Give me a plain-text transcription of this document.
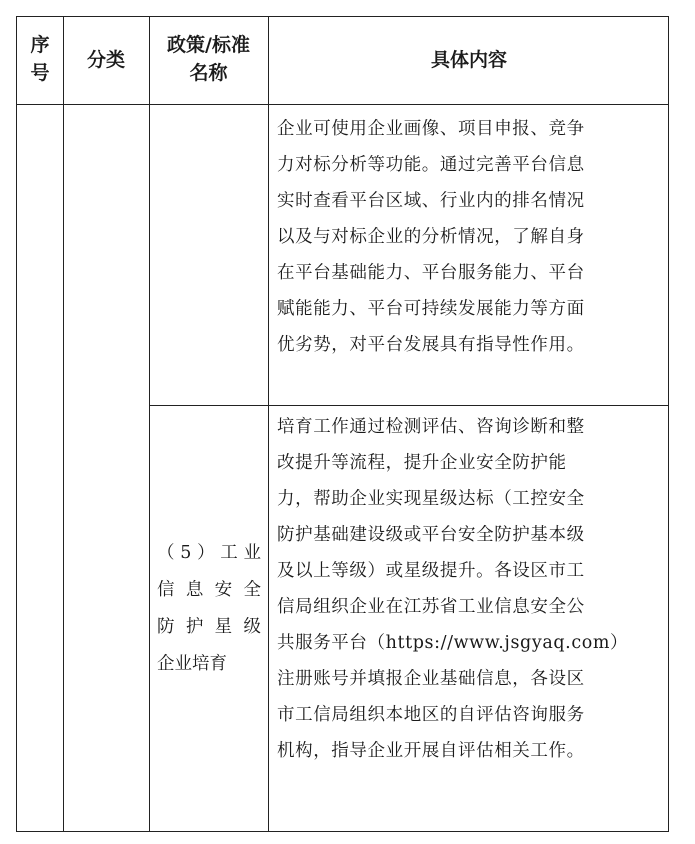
序
号
分类
政策/标准
名称
具体内容
企业可使用企业画像、项目申报、竞争
力对标分析等功能。通过完善平台信息
实时查看平台区域、行业内的排名情况
以及与对标企业的分析情况，了解自身
在平台基础能力、平台服务能力、平台
赋能能力、平台可持续发展能力等方面
优劣势，对平台发展具有指导性作用。
（5）工业
信息安全
防护星级
企业培育
培育工作通过检测评估、咨询诊断和整
改提升等流程，提升企业安全防护能
力，帮助企业实现星级达标（工控安全
防护基础建设级或平台安全防护基本级
及以上等级）或星级提升。各设区市工
信局组织企业在江苏省工业信息安全公
共服务平台（https://www.jsgyaq.com）
注册账号并填报企业基础信息，各设区
市工信局组织本地区的自评估咨询服务
机构，指导企业开展自评估相关工作。
